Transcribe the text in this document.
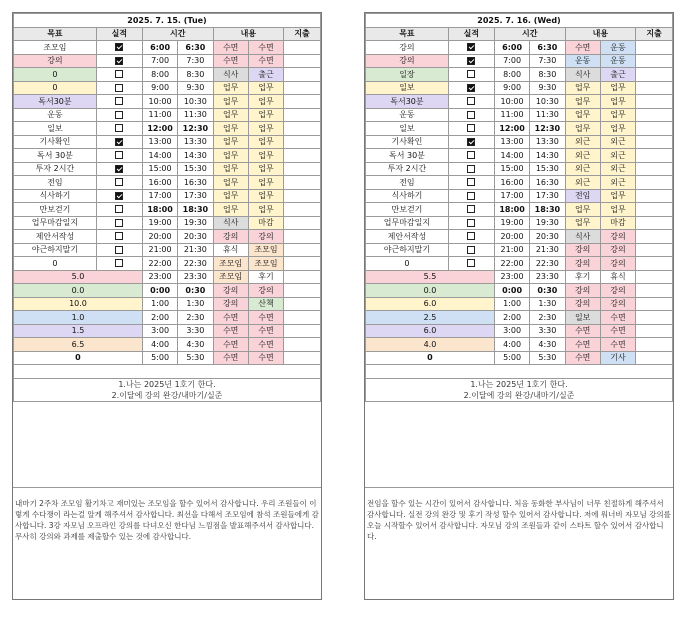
2025. 7. 15. (Tue)						
목표	실적	시간		내용		지출
조모임		6:00	6:30	수면	수면	
강의		7:00	7:30	수면	수면	
0		8:00	8:30	식사	출근	
0		9:00	9:30	업무	업무	
독서30분		10:00	10:30	업무	업무	
운동		11:00	11:30	업무	업무	
일보		12:00	12:30	업무	업무	
기사확인		13:00	13:30	업무	업무	
독서 30분		14:00	14:30	업무	업무	
투자 2시간		15:00	15:30	업무	업무	
전임		16:00	16:30	업무	업무	
식사하기		17:00	17:30	업무	업무	
만보걷기		18:00	18:30	업무	업무	
업무마감일지		19:00	19:30	식사	마감	
제안서작성		20:00	20:30	강의	강의	
야근하지말기		21:00	21:30	휴식	조모임	
0		22:00	22:30	조모임	조모임	
5.0		23:00	23:30	조모임	후기	
0.0		0:00	0:30	강의	강의	
10.0		1:00	1:30	강의	산책	
1.0		2:00	2:30	수면	수면	
1.5		3:00	3:30	수면	수면	
6.5		4:00	4:30	수면	수면	
0		5:00	5:30	수면	수면	

1.나는 2025년 1호기 한다.
2.이달에 강의 완강/내마기/실준						
내마기 2주차 조모임 활기차고 재미있는 조모임을 할수 있어서 감사합니다. 우리 조원들이 이렇게 수다쟁이 라는걸 알게 해주셔서 감사합니다. 최선을 다해서 조모임에 참석 조원들에게 감사합니다. 3강 자모님 오프라인 강의를 다녀오신 한다님 느낌점을 발표해주셔서 감사합니다. 무사히 강의와 과제를 제출할수 있는 것에 감사합니다.
2025. 7. 16. (Wed)						
목표	실적	시간		내용		지출
강의		6:00	6:30	수면	운동	
강의		7:00	7:30	운동	운동	
일장		8:00	8:30	식사	출근	
일보		9:00	9:30	업무	업무	
독서30분		10:00	10:30	업무	업무	
운동		11:00	11:30	업무	업무	
일보		12:00	12:30	업무	업무	
기사확인		13:00	13:30	외근	외근	
독서 30분		14:00	14:30	외근	외근	
투자 2시간		15:00	15:30	외근	외근	
전임		16:00	16:30	외근	외근	
식사하기		17:00	17:30	전임	업무	
만보걷기		18:00	18:30	업무	업무	
업무마감일지		19:00	19:30	업무	마감	
제안서작성		20:00	20:30	식사	강의	
야근하지말기		21:00	21:30	강의	강의	
0		22:00	22:30	강의	강의	
5.5		23:00	23:30	후기	휴식	
0.0		0:00	0:30	강의	강의	
6.0		1:00	1:30	강의	강의	
2.5		2:00	2:30	일보	수면	
6.0		3:00	3:30	수면	수면	
4.0		4:00	4:30	수면	수면	
0		5:00	5:30	수면	기사	

1.나는 2025년 1호기 한다.
2.이달에 강의 완강/내마기/실준						
전임을 할수 있는 시간이 있어서 감사합니다. 처음 동화한 부사님이 너무 친절하게 해주셔서 감사합니다. 실전 강의 완강 및 후기 작성 할수 있어서 감사합니다. 저에 워너비 자모님 강의를 오늘 시작할수 있어서 감사합니다. 자모님 강의 조원들과 같이 스타트 할수 있어서 감사합니다.
